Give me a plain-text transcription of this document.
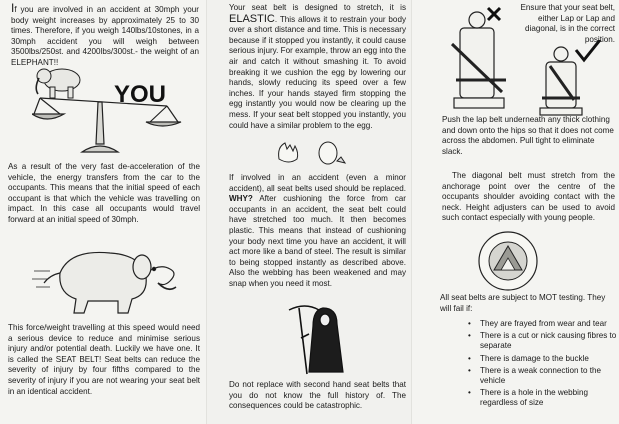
If you are involved in an accident at 30mph your body weight increases by approximately 25 to 30 times. Therefore, if you weigh 140lbs/10stones, in a 30mph accident you will weigh between 3500lbs/250st. and 4200lbs/300st.- the weight of an ELEPHANT!!

YOU

As a result of the very fast de-acceleration of the vehicle, the energy transfers from the car to the occupants. This means that the initial speed of each occupant is that which the vehicle was travelling on impact. In this case all occupants would travel forward at an initial speed of 30mph.

This force/weight travelling at this speed would need a serious device to reduce and minimise serious injury and/or potential death. Luckily we have one. It is called the SEAT BELT! Seat belts can reduce the severity of injury by four fifths compared to the severity of injury if you are not wearing your seat belt in an identical accident.

Your seat belt is designed to stretch, it is ELASTIC. This allows it to restrain your body over a short distance and time. This is necessary because if it stopped you instantly, it could cause serious injury. For example, throw an egg into the air and catch it without smashing it. To avoid breaking it we cushion the egg by lowering our hands, slowly reducing its speed over a few inches. If your hands stayed firm stopping the egg instantly you would now be clearing up the mess. If your seat belt stopped you instantly, you could have a similar problem to the egg.

If involved in an accident (even a minor accident), all seat belts used should be replaced. WHY? After cushioning the force from car occupants in an accident, the seat belt could have stretched too much. It then becomes plastic. This means that instead of cushioning your body next time you have an accident, it will act more like a band of steel. The result is similar to being stopped instantly as described above. Also the webbing has been weakened and may snap when you need it most.

Do not replace with second hand seat belts that you do not know the full history of. The consequences could be catastrophic.

Ensure that your seat belt, either Lap or Lap and diagonal, is in the correct position.

Push the lap belt underneath any thick clothing and down onto the hips so that it does not come across the abdomen. Pull tight to eliminate slack.

The diagonal belt must stretch from the anchorage point over the centre of the occupants shoulder avoiding contact with the neck. Height adjusters can be used to avoid such contact especially with young people.

All seat belts are subject to MOT testing. They will fail if:

• They are frayed from wear and tear
• There is a cut or nick causing fibres to separate
• There is damage to the buckle
• There is a weak connection to the vehicle
• There is a hole in the webbing regardless of size
